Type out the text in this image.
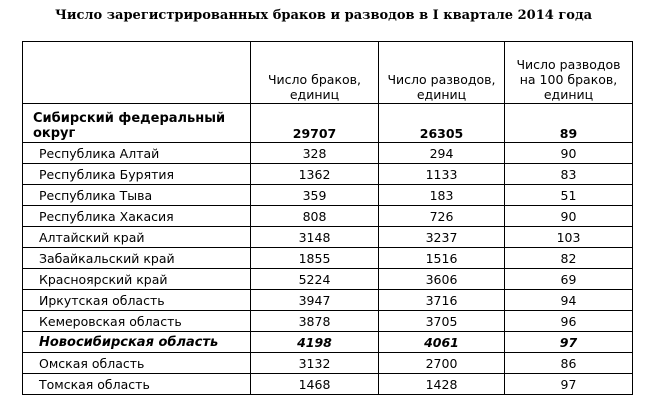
Число зарегистрированных браков и разводов в I квартале 2014 года
	Число браков, единиц	Число разводов, единиц	Число разводов на 100 браков, единиц
Сибирский федеральный округ	29707	26305	89
Республика Алтай	328	294	90
Республика Бурятия	1362	1133	83
Республика Тыва	359	183	51
Республика Хакасия	808	726	90
Алтайский край	3148	3237	103
Забайкальский край	1855	1516	82
Красноярский край	5224	3606	69
Иркутская область	3947	3716	94
Кемеровская область	3878	3705	96
Новосибирская область	4198	4061	97
Омская область	3132	2700	86
Томская область	1468	1428	97
